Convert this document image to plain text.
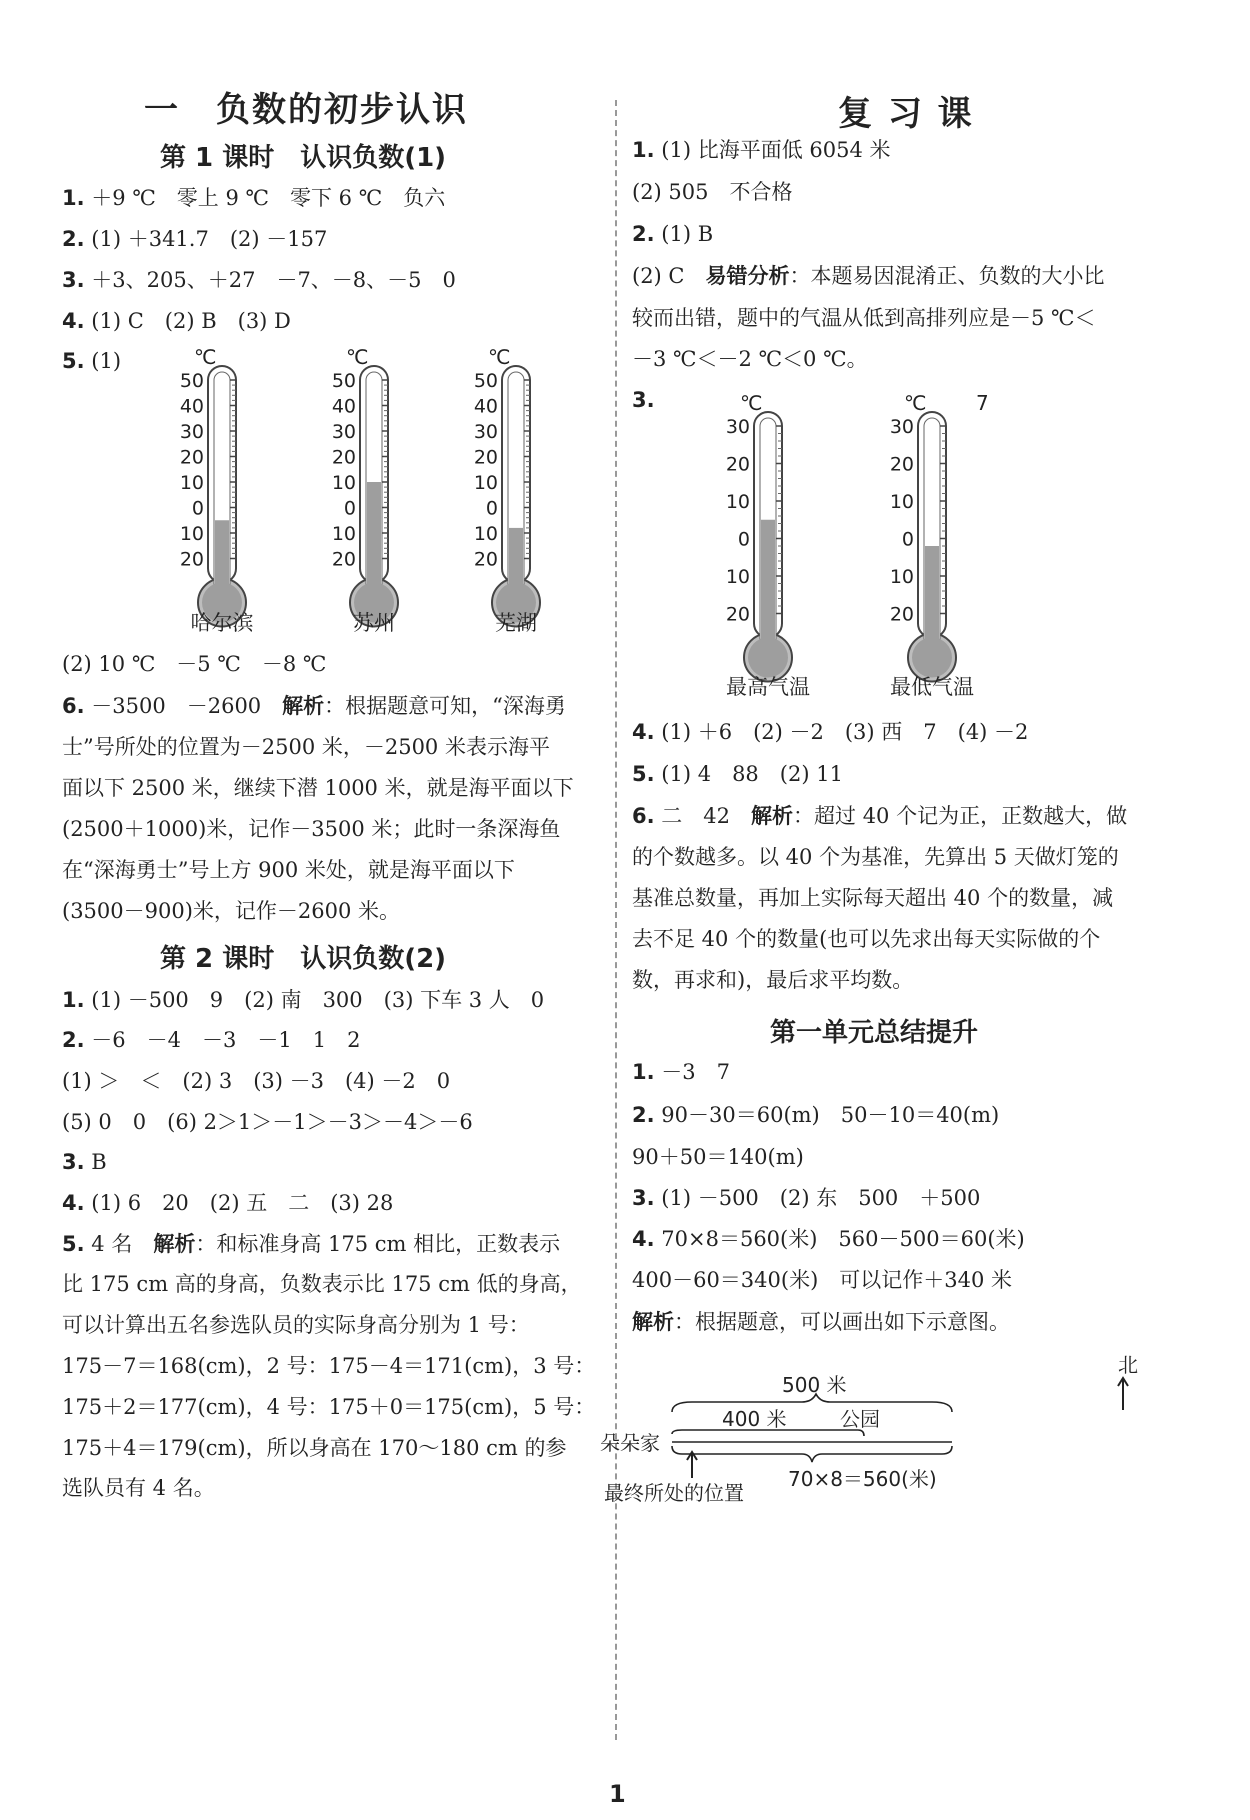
一　负数的初步认识
第 1 课时　认识负数(1)
1. ＋9 ℃　零上 9 ℃　零下 6 ℃　负六
2. (1) ＋341.7　(2) －157
3. ＋3、205、＋27　－7、－8、－5　0
4. (1) C　(2) B　(3) D
5. (1)
50
40
30
20
10
0
10
20
℃
哈尔滨
50
40
30
20
10
0
10
20
℃
苏州
50
40
30
20
10
0
10
20
℃
芜湖
(2) 10 ℃　－5 ℃　－8 ℃
6. －3500　－2600　解析：根据题意可知，“深海勇
士”号所处的位置为－2500 米，－2500 米表示海平
面以下 2500 米，继续下潜 1000 米，就是海平面以下
(2500＋1000)米，记作－3500 米；此时一条深海鱼
在“深海勇士”号上方 900 米处，就是海平面以下
(3500－900)米，记作－2600 米。
第 2 课时　认识负数(2)
1. (1) －500　9　(2) 南　300　(3) 下车 3 人　0
2. －6　－4　－3　－1　1　2
(1) ＞　＜　(2) 3　(3) －3　(4) －2　0
(5) 0　0　(6) 2＞1＞－1＞－3＞－4＞－6
3. B
4. (1) 6　20　(2) 五　二　(3) 28
5. 4 名　解析：和标准身高 175 cm 相比，正数表示
比 175 cm 高的身高，负数表示比 175 cm 低的身高，
可以计算出五名参选队员的实际身高分别为 1 号：
175－7＝168(cm)，2 号：175－4＝171(cm)，3 号：
175＋2＝177(cm)，4 号：175＋0＝175(cm)，5 号：
175＋4＝179(cm)，所以身高在 170～180 cm 的参
选队员有 4 名。
复 习 课
1. (1) 比海平面低 6054 米
(2) 505　不合格
2. (1) B
(2) C　易错分析：本题易因混淆正、负数的大小比
较而出错，题中的气温从低到高排列应是－5 ℃＜
－3 ℃＜－2 ℃＜0 ℃。
3.
30
20
10
0
10
20
℃
最高气温
30
20
10
0
10
20
℃ 7
最低气温
4. (1) ＋6　(2) －2　(3) 西　7　(4) －2
5. (1) 4　88　(2) 11
6. 二　42　解析：超过 40 个记为正，正数越大，做
的个数越多。以 40 个为基准，先算出 5 天做灯笼的
基准总数量，再加上实际每天超出 40 个的数量，减
去不足 40 个的数量(也可以先求出每天实际做的个
数，再求和)，最后求平均数。
第一单元总结提升
1. －3　7
2. 90－30＝60(m)　50－10＝40(m)
90＋50＝140(m)
3. (1) －500　(2) 东　500　＋500
4. 70×8＝560(米)　560－500＝60(米)
400－60＝340(米)　可以记作＋340 米
解析：根据题意，可以画出如下示意图。
北
500 米
400 米	公园
朵朵家
最终所处的位置
70×8＝560(米)
1
